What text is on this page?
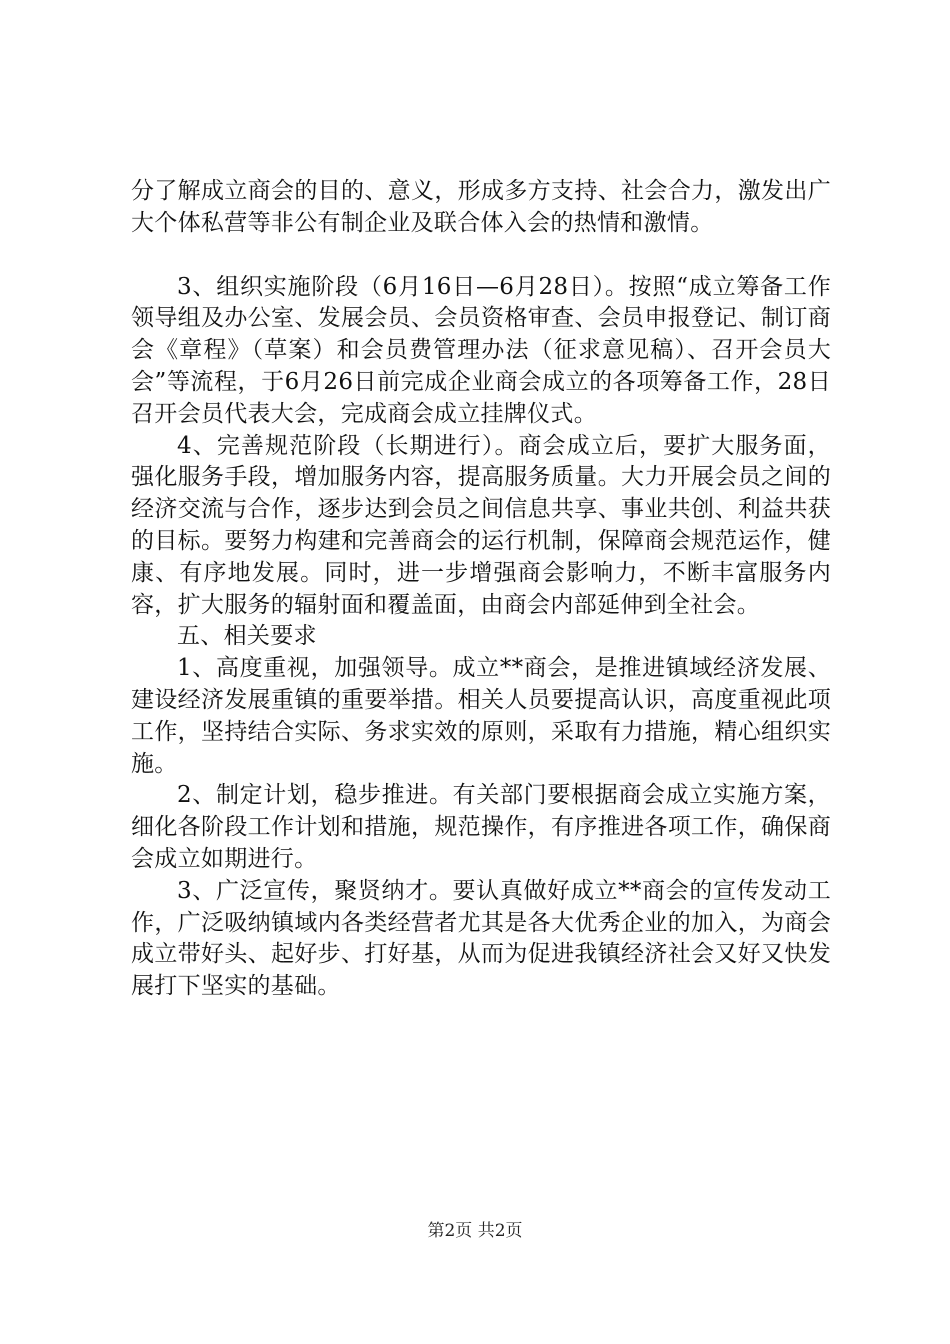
分了解成立商会的目的、意义，形成多方支持、社会合力，激发出广大个体私营等非公有制企业及联合体入会的热情和激情。

3、组织实施阶段（6月16日—6月28日）。按照“成立筹备工作领导组及办公室、发展会员、会员资格审查、会员申报登记、制订商会《章程》（草案）和会员费管理办法（征求意见稿）、召开会员大会”等流程，于6月26日前完成企业商会成立的各项筹备工作，28日召开会员代表大会，完成商会成立挂牌仪式。

4、完善规范阶段（长期进行）。商会成立后，要扩大服务面，强化服务手段，增加服务内容，提高服务质量。大力开展会员之间的经济交流与合作，逐步达到会员之间信息共享、事业共创、利益共获的目标。要努力构建和完善商会的运行机制，保障商会规范运作，健康、有序地发展。同时，进一步增强商会影响力，不断丰富服务内容，扩大服务的辐射面和覆盖面，由商会内部延伸到全社会。

五、相关要求

1、高度重视，加强领导。成立**商会，是推进镇域经济发展、建设经济发展重镇的重要举措。相关人员要提高认识，高度重视此项工作，坚持结合实际、务求实效的原则，采取有力措施，精心组织实施。

2、制定计划，稳步推进。有关部门要根据商会成立实施方案，细化各阶段工作计划和措施，规范操作，有序推进各项工作，确保商会成立如期进行。

3、广泛宣传，聚贤纳才。要认真做好成立**商会的宣传发动工作，广泛吸纳镇域内各类经营者尤其是各大优秀企业的加入，为商会成立带好头、起好步、打好基，从而为促进我镇经济社会又好又快发展打下坚实的基础。

第2页 共2页
